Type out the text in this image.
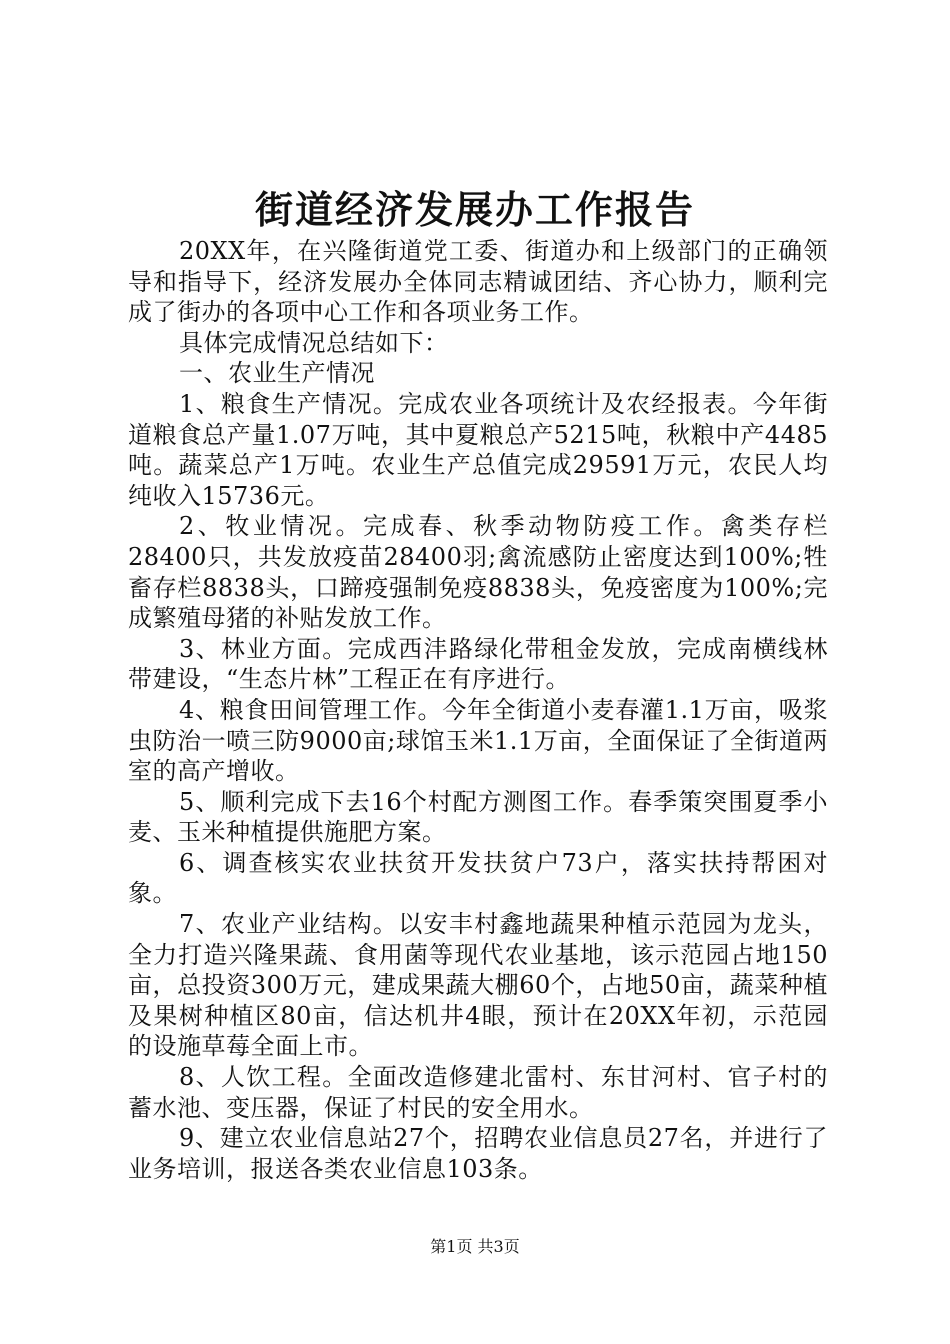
街道经济发展办工作报告

20XX年，在兴隆街道党工委、街道办和上级部门的正确领导和指导下，经济发展办全体同志精诚团结、齐心协力，顺利完成了街办的各项中心工作和各项业务工作。

具体完成情况总结如下：

一、农业生产情况

1、粮食生产情况。完成农业各项统计及农经报表。今年街道粮食总产量1.07万吨，其中夏粮总产5215吨，秋粮中产4485吨。蔬菜总产1万吨。农业生产总值完成29591万元，农民人均纯收入15736元。

2、牧业情况。完成春、秋季动物防疫工作。禽类存栏28400只，共发放疫苗28400羽;禽流感防止密度达到100%;牲畜存栏8838头，口蹄疫强制免疫8838头，免疫密度为100%;完成繁殖母猪的补贴发放工作。

3、林业方面。完成西沣路绿化带租金发放，完成南横线林带建设，“生态片林”工程正在有序进行。

4、粮食田间管理工作。今年全街道小麦春灌1.1万亩，吸浆虫防治一喷三防9000亩;球馆玉米1.1万亩，全面保证了全街道两室的高产增收。

5、顺利完成下去16个村配方测图工作。春季策突围夏季小麦、玉米种植提供施肥方案。

6、调查核实农业扶贫开发扶贫户73户，落实扶持帮困对象。

7、农业产业结构。以安丰村鑫地蔬果种植示范园为龙头，全力打造兴隆果蔬、食用菌等现代农业基地，该示范园占地150亩，总投资300万元，建成果蔬大棚60个，占地50亩，蔬菜种植及果树种植区80亩，信达机井4眼，预计在20XX年初，示范园的设施草莓全面上市。

8、人饮工程。全面改造修建北雷村、东甘河村、官子村的蓄水池、变压器，保证了村民的安全用水。

9、建立农业信息站27个，招聘农业信息员27名，并进行了业务培训，报送各类农业信息103条。

第1页 共3页
